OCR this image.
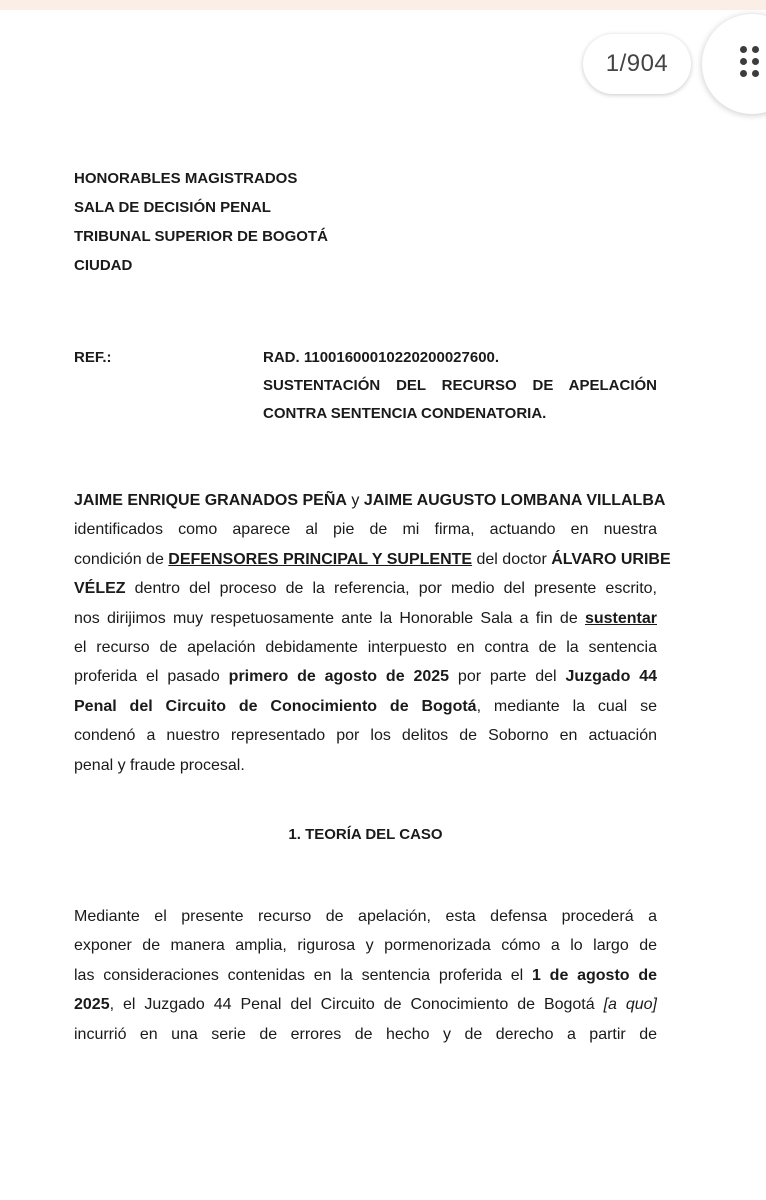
1/904
HONORABLES MAGISTRADOS
SALA DE DECISIÓN PENAL
TRIBUNAL SUPERIOR DE BOGOTÁ
CIUDAD
REF.:	RAD. 11001600010220200027600.
SUSTENTACIÓN DEL RECURSO DE APELACIÓN
CONTRA SENTENCIA CONDENATORIA.
JAIME ENRIQUE GRANADOS PEÑA y JAIME AUGUSTO LOMBANA VILLALBA
identificados como aparece al pie de mi firma, actuando en nuestra
condición de DEFENSORES PRINCIPAL Y SUPLENTE del doctor ÁLVARO URIBE
VÉLEZ dentro del proceso de la referencia, por medio del presente escrito,
nos dirijimos muy respetuosamente ante la Honorable Sala a fin de sustentar
el recurso de apelación debidamente interpuesto en contra de la sentencia
proferida el pasado primero de agosto de 2025 por parte del Juzgado 44
Penal del Circuito de Conocimiento de Bogotá, mediante la cual se
condenó a nuestro representado por los delitos de Soborno en actuación
penal y fraude procesal.
1. TEORÍA DEL CASO
Mediante el presente recurso de apelación, esta defensa procederá a
exponer de manera amplia, rigurosa y pormenorizada cómo a lo largo de
las consideraciones contenidas en la sentencia proferida el 1 de agosto de
2025, el Juzgado 44 Penal del Circuito de Conocimiento de Bogotá [a quo]
incurrió en una serie de errores de hecho y de derecho a partir de
